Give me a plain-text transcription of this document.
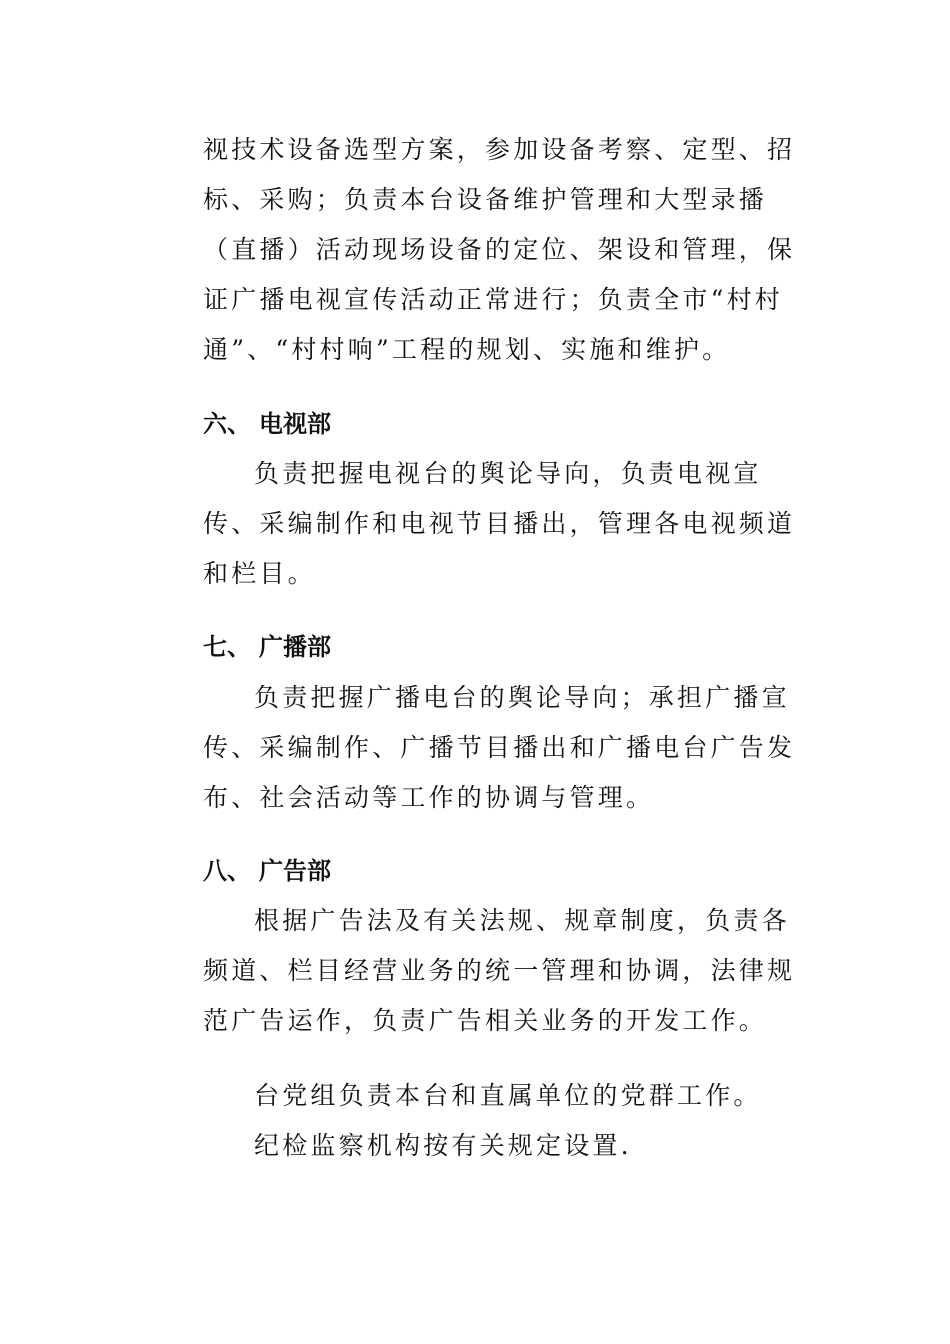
视技术设备选型方案，参加设备考察、定型、招
标、采购；负责本台设备维护管理和大型录播
（直播）活动现场设备的定位、架设和管理，保
证广播电视宣传活动正常进行；负责全市“村村
通”、“村村响”工程的规划、实施和维护。
六、 电视部
负责把握电视台的舆论导向，负责电视宣
传、采编制作和电视节目播出，管理各电视频道
和栏目。
七、 广播部
负责把握广播电台的舆论导向；承担广播宣
传、采编制作、广播节目播出和广播电台广告发
布、社会活动等工作的协调与管理。
八、 广告部
根据广告法及有关法规、规章制度，负责各
频道、栏目经营业务的统一管理和协调，法律规
范广告运作，负责广告相关业务的开发工作。
台党组负责本台和直属单位的党群工作。
纪检监察机构按有关规定设置.
